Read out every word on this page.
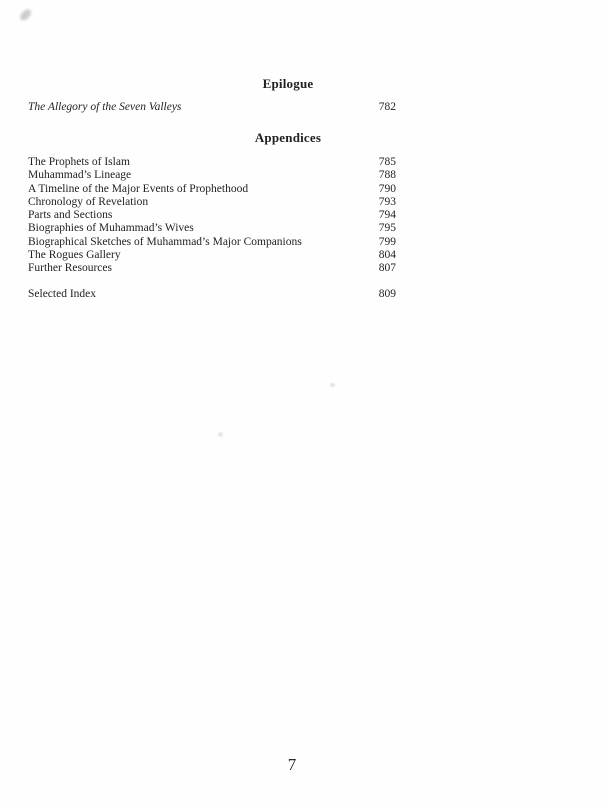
Epilogue
The Allegory of the Seven Valleys	782
Appendices
The Prophets of Islam	785
Muhammad’s Lineage	788
A Timeline of the Major Events of Prophethood	790
Chronology of Revelation	793
Parts and Sections	794
Biographies of Muhammad’s Wives	795
Biographical Sketches of Muhammad’s Major Companions	799
The Rogues Gallery	804
Further Resources	807
Selected Index	809
7
